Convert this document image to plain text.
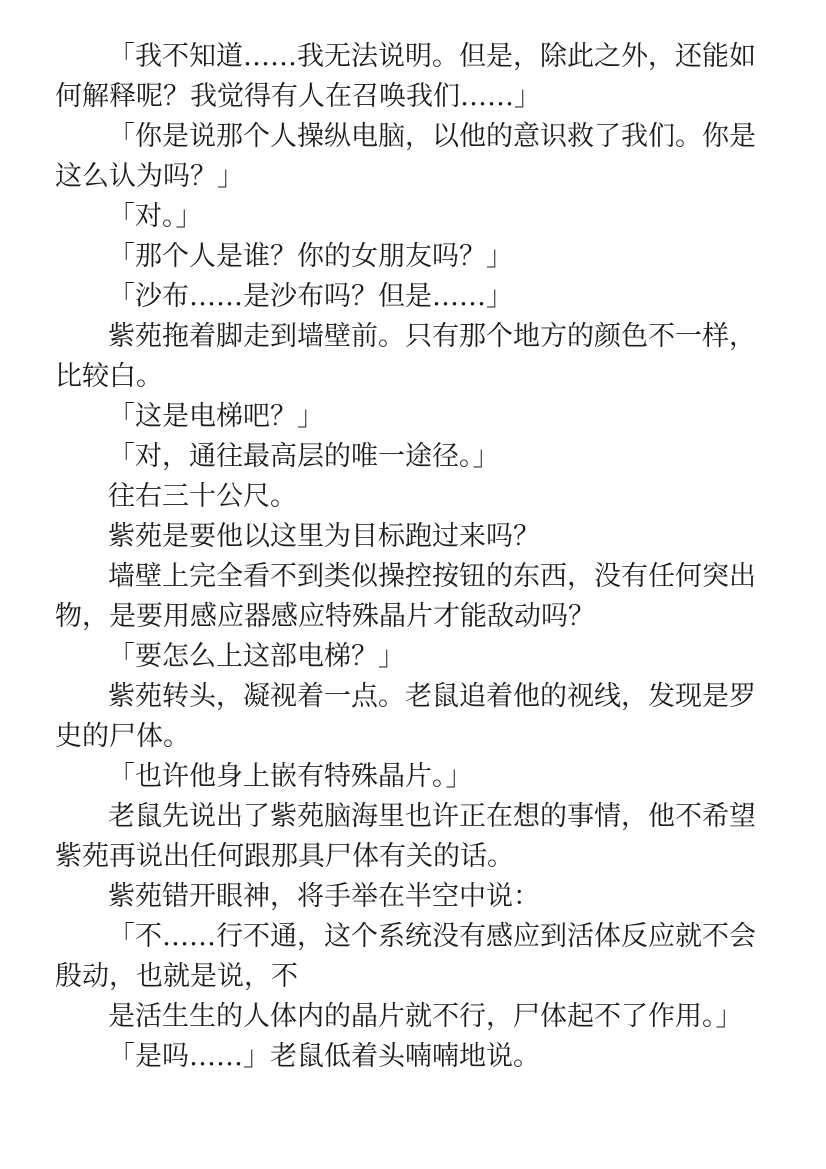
「我不知道……我无法说明。但是，除此之外，还能如
何解释呢？我觉得有人在召唤我们……」
「你是说那个人操纵电脑，以他的意识救了我们。你是
这么认为吗？」
「对。」
「那个人是谁？你的女朋友吗？」
「沙布……是沙布吗？但是……」
紫苑拖着脚走到墙壁前。只有那个地方的颜色不一样，
比较白。
「这是电梯吧？」
「对，通往最高层的唯一途径。」
往右三十公尺。
紫苑是要他以这里为目标跑过来吗？
墙壁上完全看不到类似操控按钮的东西，没有任何突出
物，是要用感应器感应特殊晶片才能敌动吗？
「要怎么上这部电梯？」
紫苑转头，凝视着一点。老鼠追着他的视线，发现是罗
史的尸体。
「也许他身上嵌有特殊晶片。」
老鼠先说出了紫苑脑海里也许正在想的事情，他不希望
紫苑再说出任何跟那具尸体有关的话。
紫苑错开眼神，将手举在半空中说：
「不……行不通，这个系统没有感应到活体反应就不会
殷动，也就是说，不
是活生生的人体内的晶片就不行，尸体起不了作用。」
「是吗……」老鼠低着头喃喃地说。
